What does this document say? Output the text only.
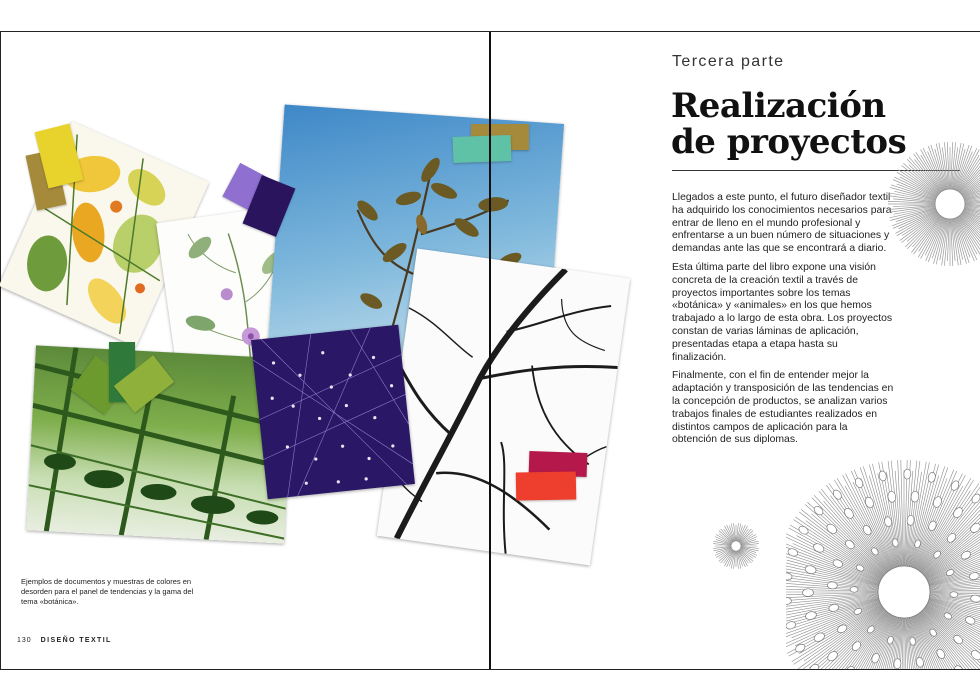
Ejemplos de documentos y muestras de colores en desorden para el panel de tendencias y la gama del tema «botánica».
130 DISEÑO TEXTIL
Tercera parte
Realización
de proyectos

Llegados a este punto, el futuro diseñador textil ha adquirido los conocimientos necesarios para entrar de lleno en el mundo profesional y enfrentarse a un buen número de situaciones y demandas ante las que se encontrará a diario.

Esta última parte del libro expone una visión concreta de la creación textil a través de proyectos importantes sobre los temas «botánica» y «animales» en los que hemos trabajado a lo largo de esta obra. Los proyectos constan de varias láminas de aplicación, presentadas etapa a etapa hasta su finalización.

Finalmente, con el fin de entender mejor la adaptación y transposición de las tendencias en la concepción de productos, se analizan varios trabajos finales de estudiantes realizados en distintos campos de aplicación para la obtención de sus diplomas.
